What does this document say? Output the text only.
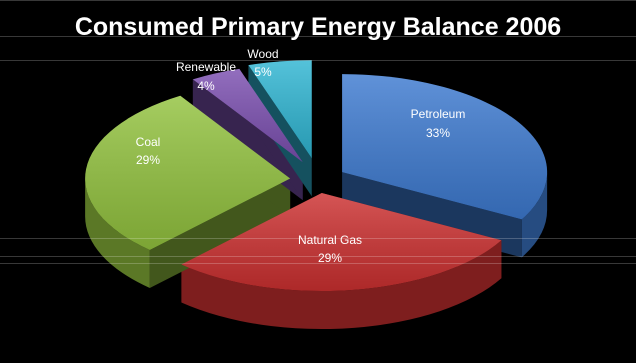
Consumed Primary Energy Balance 2006
Petroleum
33%
Natural Gas
29%
Coal
29%
Renewable
4%
Wood
5%
